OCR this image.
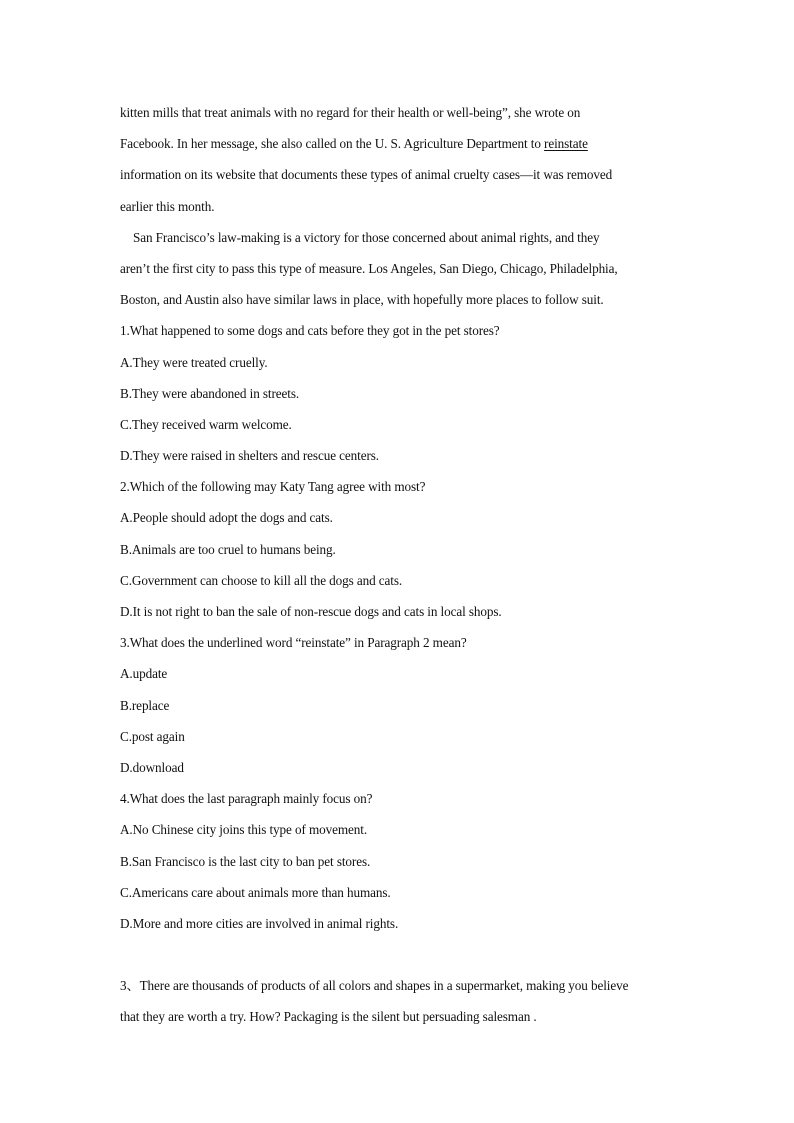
kitten mills that treat animals with no regard for their health or well-being”, she wrote on
Facebook. In her message, she also called on the U. S. Agriculture Department to reinstate
information on its website that documents these types of animal cruelty cases—it was removed
earlier this month.
San Francisco’s law-making is a victory for those concerned about animal rights, and they
aren’t the first city to pass this type of measure. Los Angeles, San Diego, Chicago, Philadelphia,
Boston, and Austin also have similar laws in place, with hopefully more places to follow suit.
1.What happened to some dogs and cats before they got in the pet stores?
A.They were treated cruelly.
B.They were abandoned in streets.
C.They received warm welcome.
D.They were raised in shelters and rescue centers.
2.Which of the following may Katy Tang agree with most?
A.People should adopt the dogs and cats.
B.Animals are too cruel to humans being.
C.Government can choose to kill all the dogs and cats.
D.It is not right to ban the sale of non-rescue dogs and cats in local shops.
3.What does the underlined word “reinstate” in Paragraph 2 mean?
A.update
B.replace
C.post again
D.download
4.What does the last paragraph mainly focus on?
A.No Chinese city joins this type of movement.
B.San Francisco is the last city to ban pet stores.
C.Americans care about animals more than humans.
D.More and more cities are involved in animal rights.
3、There are thousands of products of all colors and shapes in a supermarket, making you believe
that they are worth a try. How? Packaging is the silent but persuading salesman .
